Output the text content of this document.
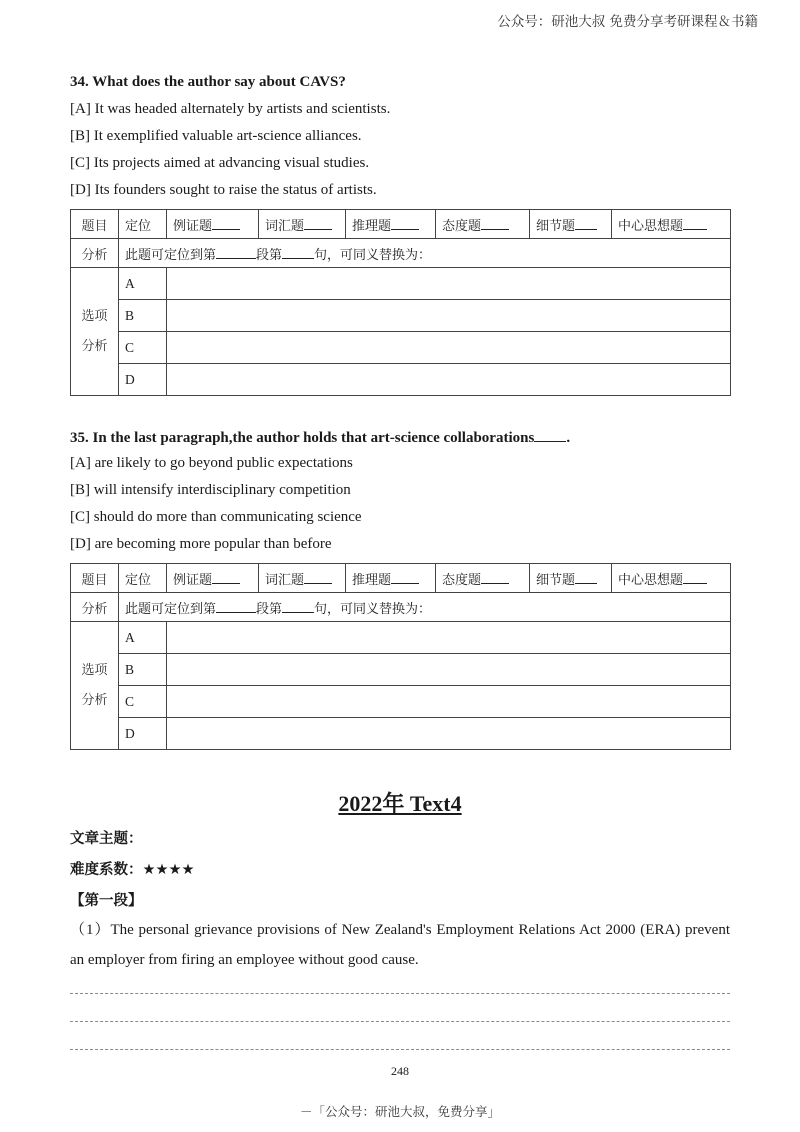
公众号：研池大叔 免费分享考研课程＆书籍
34. What does the author say about CAVS?
[A] It was headed alternately by artists and scientists.
[B] It exemplified valuable art-science alliances.
[C] Its projects aimed at advancing visual studies.
[D] Its founders sought to raise the status of artists.
题目	定位	例证题	词汇题	推理题	态度题	细节题	中心思想题
分析	此题可定位到第 段第 句，可同义替换为：						
选项
分析	A						
	B						
	C						
	D						
35. In the last paragraph,the author holds that art-science collaborations .
[A] are likely to go beyond public expectations
[B] will intensify interdisciplinary competition
[C] should do more than communicating science
[D] are becoming more popular than before
题目	定位	例证题	词汇题	推理题	态度题	细节题	中心思想题
分析	此题可定位到第 段第 句，可同义替换为：						
选项
分析	A						
	B						
	C						
	D						
2022年 Text4
文章主题：
难度系数：★★★★
【第一段】
（1）The personal grievance provisions of New Zealand's Employment Relations Act 2000 (ERA) prevent an employer from firing an employee without good cause.
248
－「公众号：研池大叔，免费分享」
